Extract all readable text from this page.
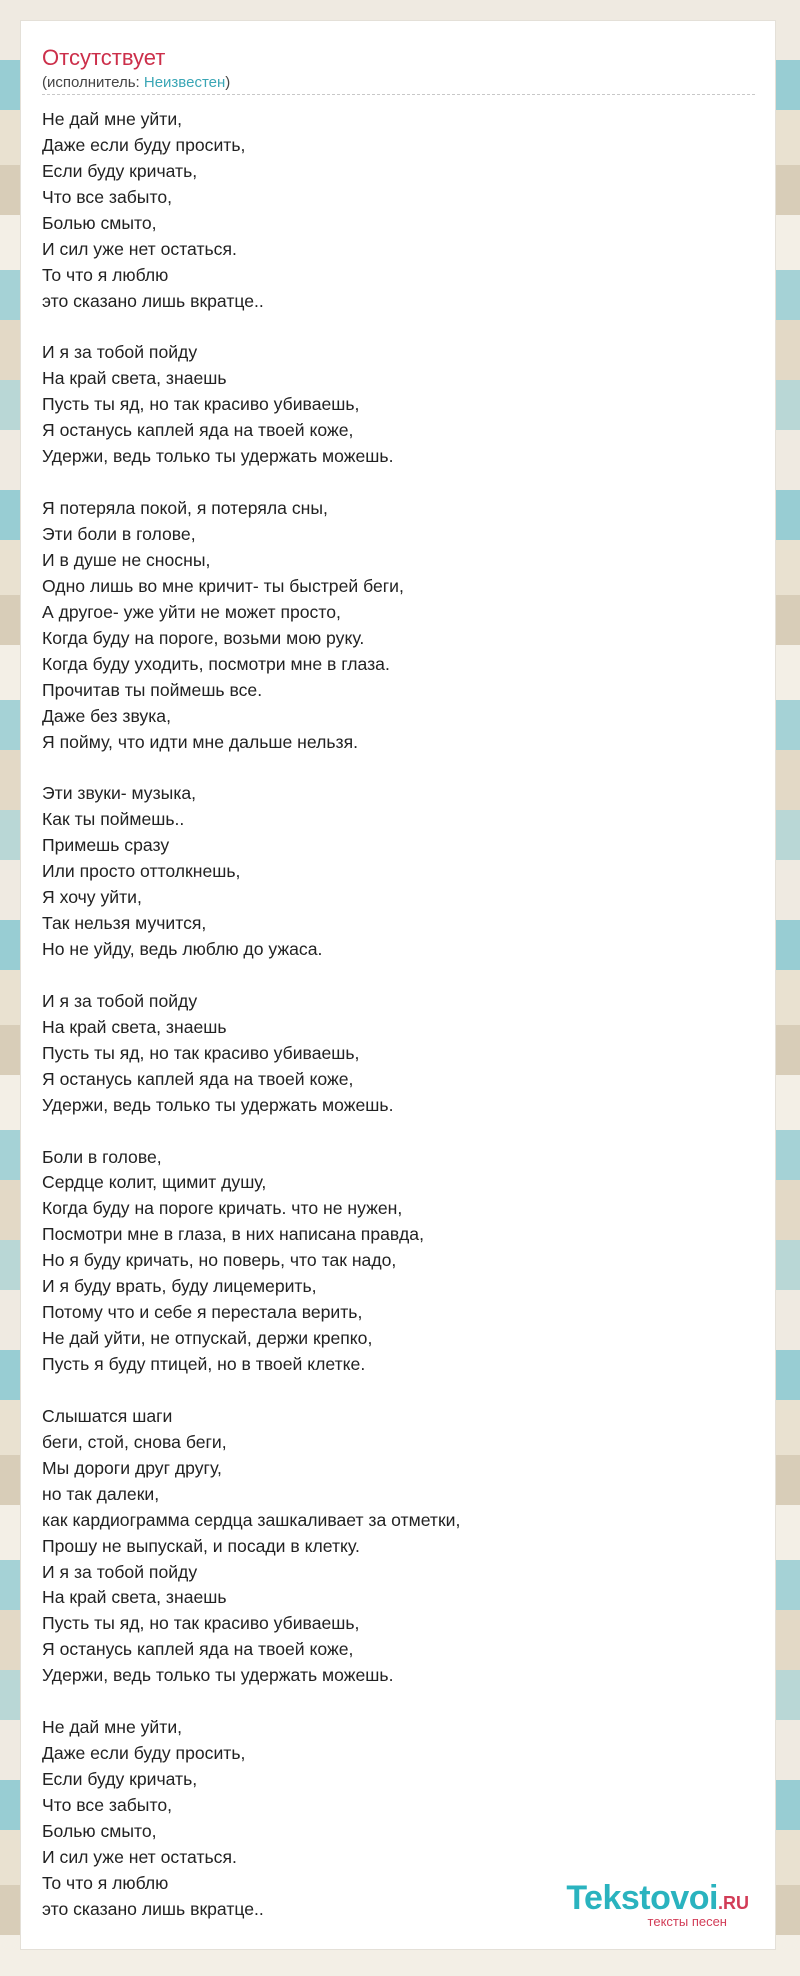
Отсутствует
(исполнитель: Неизвестен)
Не дай мне уйти,
Даже если буду просить,
Если буду кричать,
Что все забыто,
Болью смыто,
И сил уже нет остаться.
То что я люблю
это сказано лишь вкратце..

И я за тобой пойду
На край света, знаешь
Пусть ты яд, но так красиво убиваешь,
Я останусь каплей яда на твоей коже,
Удержи, ведь только ты удержать можешь.

Я потеряла покой, я потеряла сны,
Эти боли в голове,
И в душе не сносны,
Одно лишь во мне кричит- ты быстрей беги,
А другое- уже уйти не может просто,
Когда буду на пороге, возьми мою руку.
Когда буду уходить, посмотри мне в глаза.
Прочитав ты поймешь все.
Даже без звука,
Я пойму, что идти мне дальше нельзя.

Эти звуки- музыка,
Как ты поймешь..
Примешь сразу
Или просто оттолкнешь,
Я хочу уйти,
Так нельзя мучится,
Но не уйду, ведь люблю до ужаса.

И я за тобой пойду
На край света, знаешь
Пусть ты яд, но так красиво убиваешь,
Я останусь каплей яда на твоей коже,
Удержи, ведь только ты удержать можешь.

Боли в голове,
Сердце колит, щимит душу,
Когда буду на пороге кричать. что не нужен,
Посмотри мне в глаза, в них написана правда,
Но я буду кричать, но поверь, что так надо,
И я буду врать, буду лицемерить,
Потому что и себе я перестала верить,
Не дай уйти, не отпускай, держи крепко,
Пусть я буду птицей, но в твоей клетке.

Слышатся шаги
беги, стой, снова беги,
Мы дороги друг другу,
но так далеки,
как кардиограмма сердца зашкаливает за отметки,
Прошу не выпускай, и посади в клетку.
И я за тобой пойду
На край света, знаешь
Пусть ты яд, но так красиво убиваешь,
Я останусь каплей яда на твоей коже,
Удержи, ведь только ты удержать можешь.

Не дай мне уйти,
Даже если буду просить,
Если буду кричать,
Что все забыто,
Болью смыто,
И сил уже нет остаться.
То что я люблю
это сказано лишь вкратце..	Tekstovoi.RU
тексты песен
